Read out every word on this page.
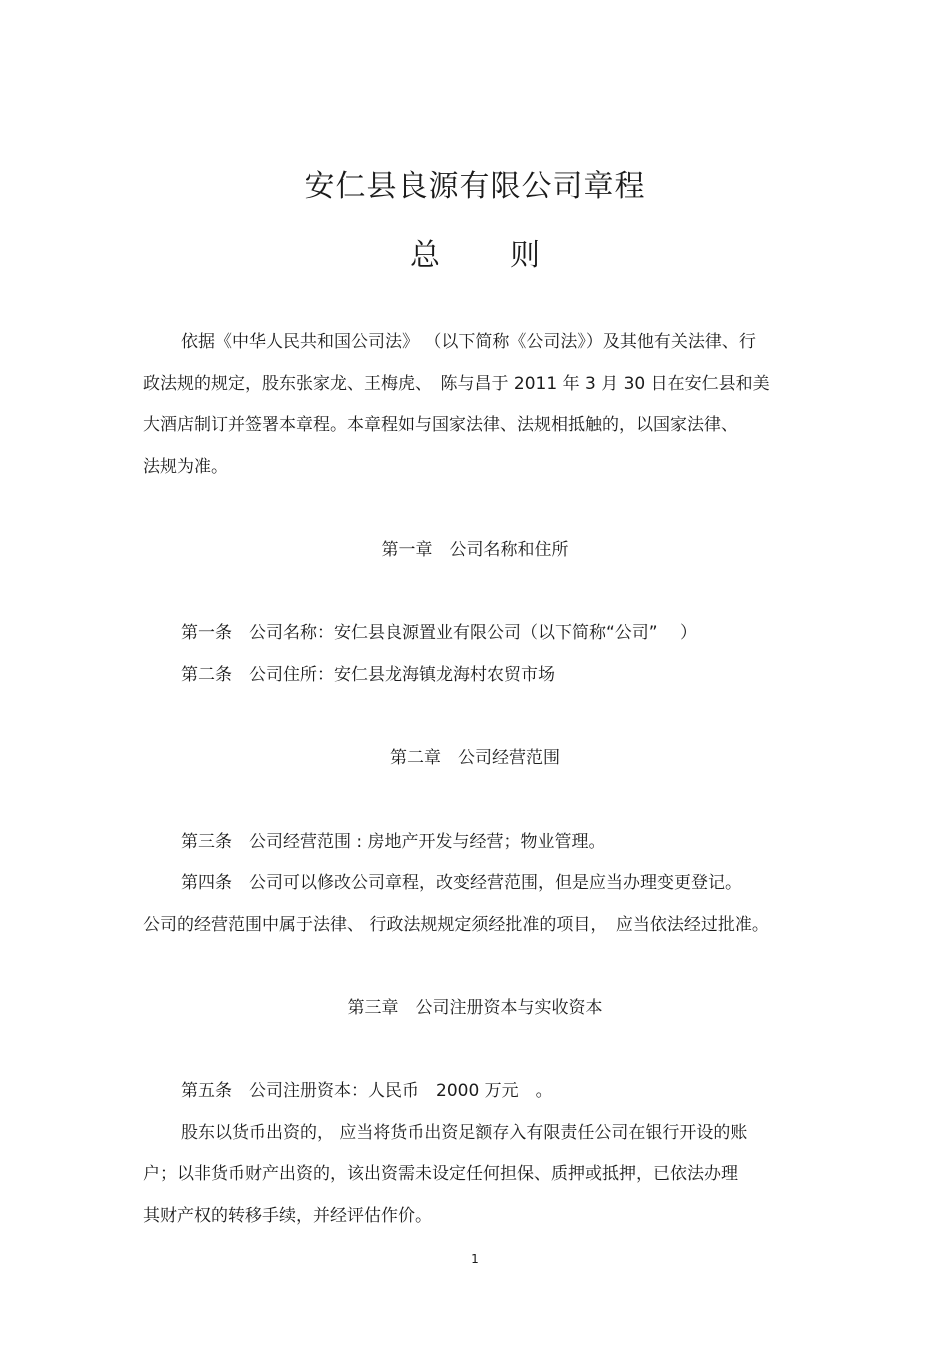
安仁县良源有限公司章程
总 则
依据《中华人民共和国公司法》 （以下简称《公司法》）及其他有关法律、行
政法规的规定，股东张家龙、王梅虎、　陈与昌于 2011 年 3 月 30 日在安仁县和美
大酒店制订并签署本章程。本章程如与国家法律、法规相抵触的，以国家法律、
法规为准。
第一章　公司名称和住所
第一条　公司名称：安仁县良源置业有限公司（以下简称“公司”　 ）
第二条　公司住所：安仁县龙海镇龙海村农贸市场
第二章　公司经营范围
第三条　公司经营范围 : 房地产开发与经营；物业管理。
第四条　公司可以修改公司章程，改变经营范围，但是应当办理变更登记。
公司的经营范围中属于法律、 行政法规规定须经批准的项目，　应当依法经过批准。
第三章　公司注册资本与实收资本
第五条　公司注册资本：人民币　2000 万元　。
股东以货币出资的， 应当将货币出资足额存入有限责任公司在银行开设的账
户；以非货币财产出资的，该出资需未设定任何担保、质押或抵押，已依法办理
其财产权的转移手续，并经评估作价。
1
